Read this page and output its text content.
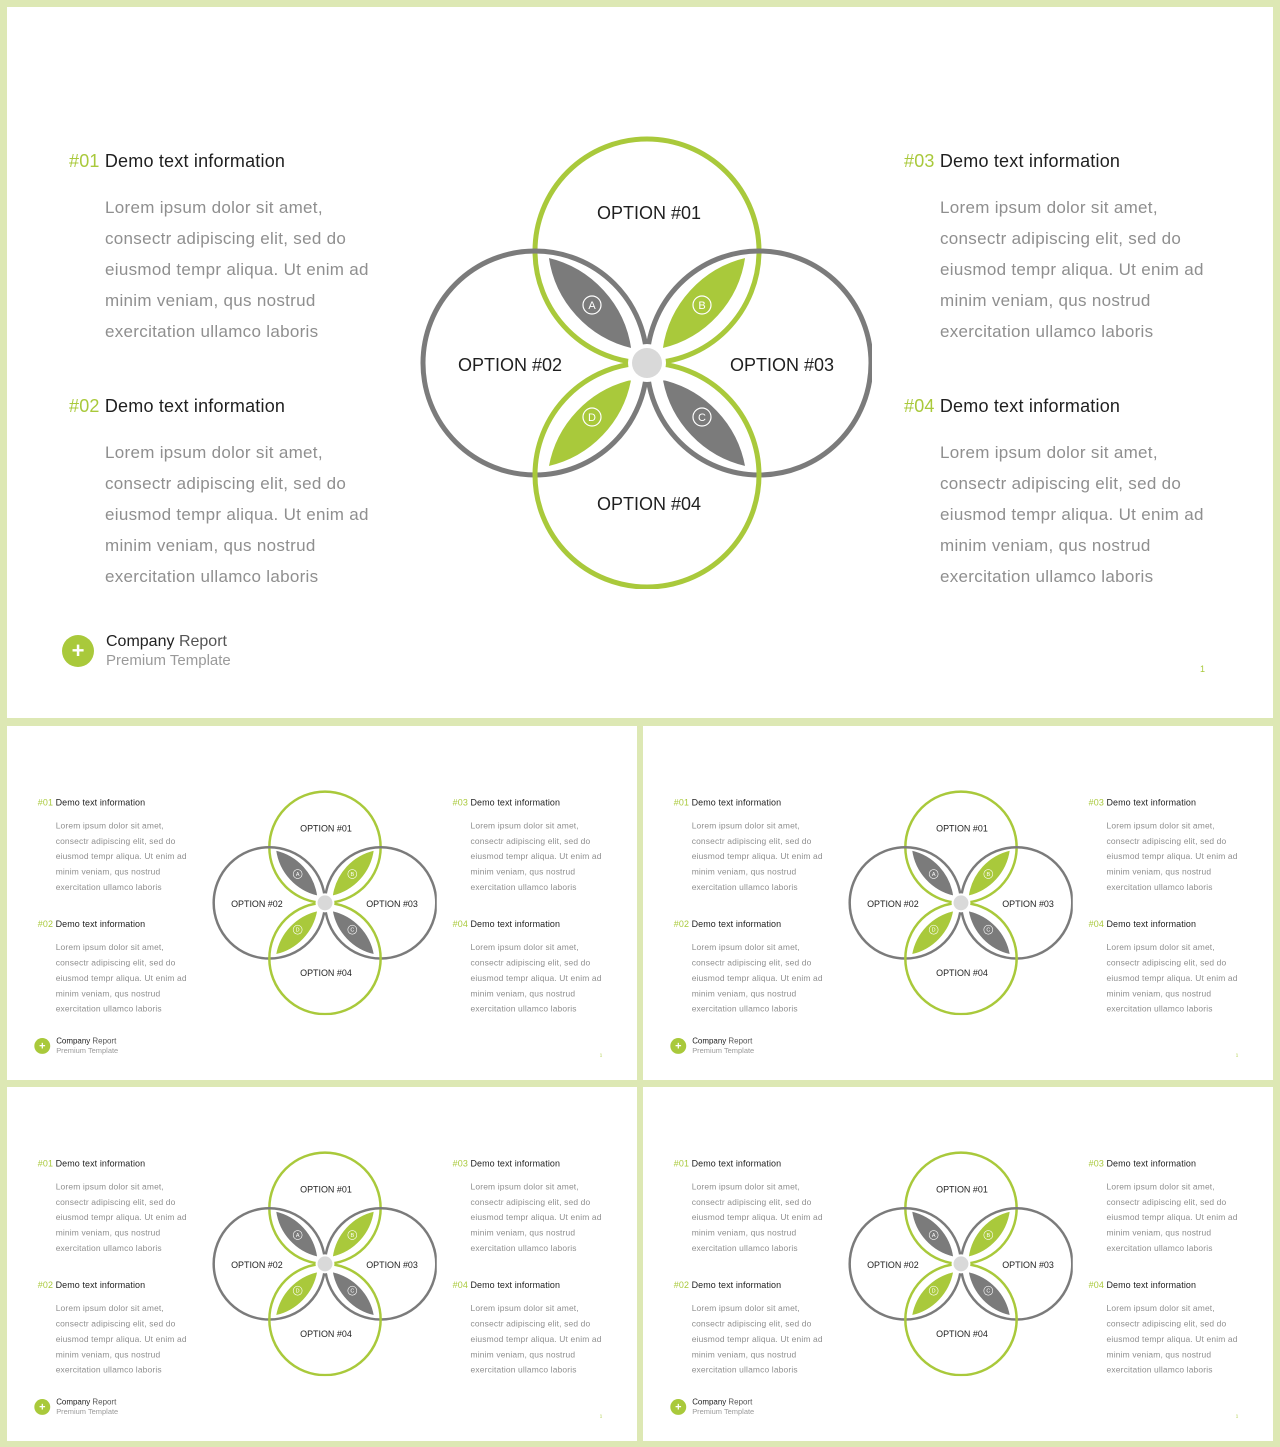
#01 Demo text information
Lorem ipsum dolor sit amet,
consectr adipiscing elit, sed do
eiusmod tempr aliqua. Ut enim ad
minim veniam, qus nostrud
exercitation ullamco laboris
#02 Demo text information
Lorem ipsum dolor sit amet,
consectr adipiscing elit, sed do
eiusmod tempr aliqua. Ut enim ad
minim veniam, qus nostrud
exercitation ullamco laboris
#03 Demo text information
Lorem ipsum dolor sit amet,
consectr adipiscing elit, sed do
eiusmod tempr aliqua. Ut enim ad
minim veniam, qus nostrud
exercitation ullamco laboris
#04 Demo text information
Lorem ipsum dolor sit amet,
consectr adipiscing elit, sed do
eiusmod tempr aliqua. Ut enim ad
minim veniam, qus nostrud
exercitation ullamco laboris
A	B
C
D
OPTION #01
OPTION #02	OPTION #03
OPTION #04
+	Company Report
Premium Template	1
#01 Demo text information
Lorem ipsum dolor sit amet,
consectr adipiscing elit, sed do
eiusmod tempr aliqua. Ut enim ad
minim veniam, qus nostrud
exercitation ullamco laboris
#02 Demo text information
Lorem ipsum dolor sit amet,
consectr adipiscing elit, sed do
eiusmod tempr aliqua. Ut enim ad
minim veniam, qus nostrud
exercitation ullamco laboris
#03 Demo text information
Lorem ipsum dolor sit amet,
consectr adipiscing elit, sed do
eiusmod tempr aliqua. Ut enim ad
minim veniam, qus nostrud
exercitation ullamco laboris
#04 Demo text information
Lorem ipsum dolor sit amet,
consectr adipiscing elit, sed do
eiusmod tempr aliqua. Ut enim ad
minim veniam, qus nostrud
exercitation ullamco laboris
A	B
C
D
OPTION #01
OPTION #02	OPTION #03
OPTION #04
+ Company Report
Premium Template
1
#01 Demo text information
Lorem ipsum dolor sit amet,
consectr adipiscing elit, sed do
eiusmod tempr aliqua. Ut enim ad
minim veniam, qus nostrud
exercitation ullamco laboris
#02 Demo text information
Lorem ipsum dolor sit amet,
consectr adipiscing elit, sed do
eiusmod tempr aliqua. Ut enim ad
minim veniam, qus nostrud
exercitation ullamco laboris
#03 Demo text information
Lorem ipsum dolor sit amet,
consectr adipiscing elit, sed do
eiusmod tempr aliqua. Ut enim ad
minim veniam, qus nostrud
exercitation ullamco laboris
#04 Demo text information
Lorem ipsum dolor sit amet,
consectr adipiscing elit, sed do
eiusmod tempr aliqua. Ut enim ad
minim veniam, qus nostrud
exercitation ullamco laboris
A	B
C
D
OPTION #01
OPTION #02	OPTION #03
OPTION #04
+ Company Report
Premium Template
1
#01 Demo text information
Lorem ipsum dolor sit amet,
consectr adipiscing elit, sed do
eiusmod tempr aliqua. Ut enim ad
minim veniam, qus nostrud
exercitation ullamco laboris
#02 Demo text information
Lorem ipsum dolor sit amet,
consectr adipiscing elit, sed do
eiusmod tempr aliqua. Ut enim ad
minim veniam, qus nostrud
exercitation ullamco laboris
#03 Demo text information
Lorem ipsum dolor sit amet,
consectr adipiscing elit, sed do
eiusmod tempr aliqua. Ut enim ad
minim veniam, qus nostrud
exercitation ullamco laboris
#04 Demo text information
Lorem ipsum dolor sit amet,
consectr adipiscing elit, sed do
eiusmod tempr aliqua. Ut enim ad
minim veniam, qus nostrud
exercitation ullamco laboris
A	B
C
D
OPTION #01
OPTION #02	OPTION #03
OPTION #04
+ Company Report
Premium Template
1
#01 Demo text information
Lorem ipsum dolor sit amet,
consectr adipiscing elit, sed do
eiusmod tempr aliqua. Ut enim ad
minim veniam, qus nostrud
exercitation ullamco laboris
#02 Demo text information
Lorem ipsum dolor sit amet,
consectr adipiscing elit, sed do
eiusmod tempr aliqua. Ut enim ad
minim veniam, qus nostrud
exercitation ullamco laboris
#03 Demo text information
Lorem ipsum dolor sit amet,
consectr adipiscing elit, sed do
eiusmod tempr aliqua. Ut enim ad
minim veniam, qus nostrud
exercitation ullamco laboris
#04 Demo text information
Lorem ipsum dolor sit amet,
consectr adipiscing elit, sed do
eiusmod tempr aliqua. Ut enim ad
minim veniam, qus nostrud
exercitation ullamco laboris
A	B
C
D
OPTION #01
OPTION #02	OPTION #03
OPTION #04
+ Company Report
Premium Template
1
